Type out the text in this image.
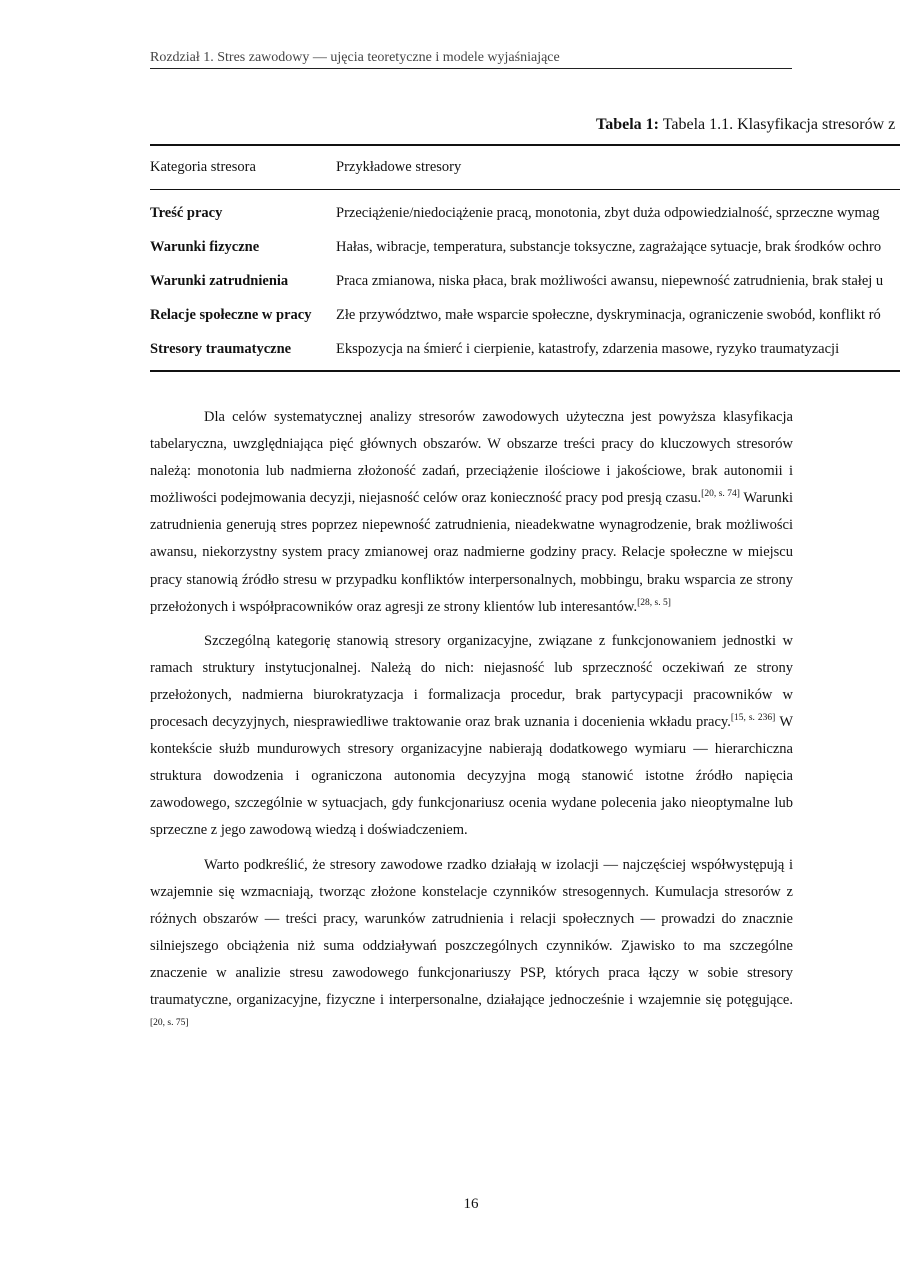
Rozdział 1. Stres zawodowy — ujęcia teoretyczne i modele wyjaśniające
Tabela 1: Tabela 1.1. Klasyfikacja stresorów z
Kategoria stresora	Przykładowe stresory
Treść pracy	Przeciążenie/niedociążenie pracą, monotonia, zbyt duża odpowiedzialność, sprzeczne wymag
Warunki fizyczne	Hałas, wibracje, temperatura, substancje toksyczne, zagrażające sytuacje, brak środków ochro
Warunki zatrudnienia	Praca zmianowa, niska płaca, brak możliwości awansu, niepewność zatrudnienia, brak stałej u
Relacje społeczne w pracy	Złe przywództwo, małe wsparcie społeczne, dyskryminacja, ograniczenie swobód, konflikt ró
Stresory traumatyczne	Ekspozycja na śmierć i cierpienie, katastrofy, zdarzenia masowe, ryzyko traumatyzacji

Dla celów systematycznej analizy stresorów zawodowych użyteczna jest powyższa klasyfikacja tabelaryczna, uwzględniająca pięć głównych obszarów. W obszarze treści pracy do kluczowych stresorów należą: monotonia lub nadmierna złożoność zadań, przeciążenie ilościowe i jakościowe, brak autonomii i możliwości podejmowania decyzji, niejasność celów oraz konieczność pracy pod presją czasu.[20, s. 74] Warunki zatrudnienia generują stres poprzez niepewność zatrudnienia, nieadekwatne wynagrodzenie, brak możliwości awansu, niekorzystny system pracy zmianowej oraz nadmierne godziny pracy. Relacje społeczne w miejscu pracy stanowią źródło stresu w przypadku konfliktów interpersonalnych, mobbingu, braku wsparcia ze strony przełożonych i współpracowników oraz agresji ze strony klientów lub interesantów.[28, s. 5]

Szczególną kategorię stanowią stresory organizacyjne, związane z funkcjonowaniem jednostki w ramach struktury instytucjonalnej. Należą do nich: niejasność lub sprzeczność oczekiwań ze strony przełożonych, nadmierna biurokratyzacja i formalizacja procedur, brak partycypacji pracowników w procesach decyzyjnych, niesprawiedliwe traktowanie oraz brak uznania i docenienia wkładu pracy.[15, s. 236] W kontekście służb mundurowych stresory organizacyjne nabierają dodatkowego wymiaru — hierarchiczna struktura dowodzenia i ograniczona autonomia decyzyjna mogą stanowić istotne źródło napięcia zawodowego, szczególnie w sytuacjach, gdy funkcjonariusz ocenia wydane polecenia jako nieoptymalne lub sprzeczne z jego zawodową wiedzą i doświadczeniem.

Warto podkreślić, że stresory zawodowe rzadko działają w izolacji — najczęściej współwystępują i wzajemnie się wzmacniają, tworząc złożone konstelacje czynników stresogennych. Kumulacja stresorów z różnych obszarów — treści pracy, warunków zatrudnienia i relacji społecznych — prowadzi do znacznie silniejszego obciążenia niż suma oddziaływań poszczególnych czynników. Zjawisko to ma szczególne znaczenie w analizie stresu zawodowego funkcjonariuszy PSP, których praca łączy w sobie stresory traumatyczne, organizacyjne, fizyczne i interpersonalne, działające jednocześnie i wzajemnie się potęgujące.[20, s. 75]

16
